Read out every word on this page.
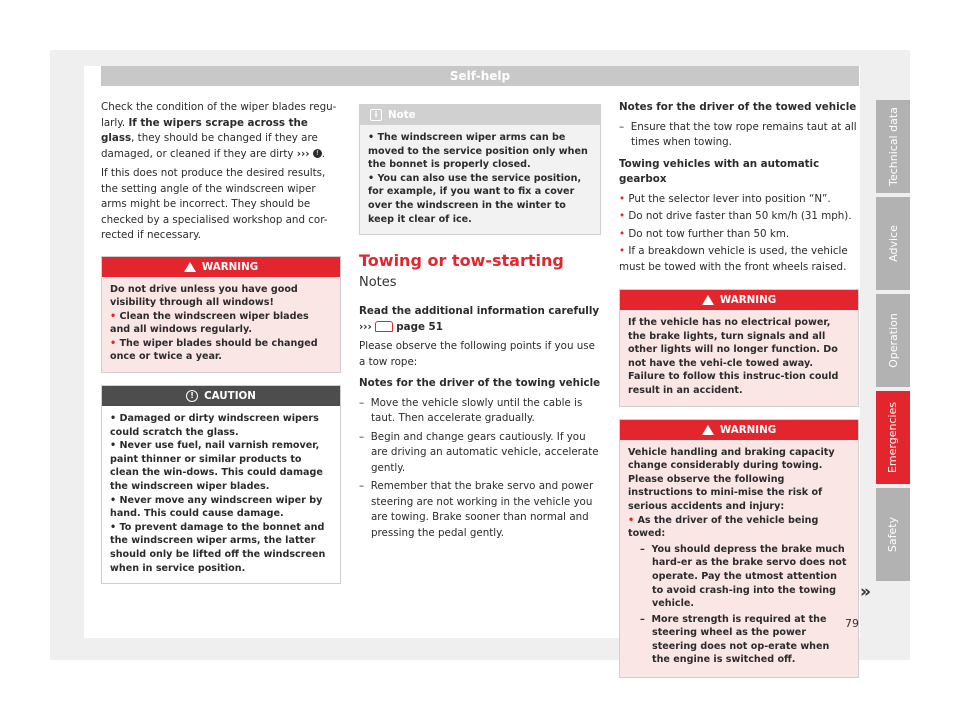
Self-help

Check the condition of the wiper blades regu-larly. If the wipers scrape across the glass, they should be changed if they are damaged, or cleaned if they are dirty ››› ! .

If this does not produce the desired results, the setting angle of the windscreen wiper arms might be incorrect. They should be checked by a specialised workshop and cor-rected if necessary.

WARNING

Do not drive unless you have good visibility through all windows!

• Clean the windscreen wiper blades and all windows regularly.

• The wiper blades should be changed once or twice a year.

! CAUTION

• Damaged or dirty windscreen wipers could scratch the glass.

• Never use fuel, nail varnish remover, paint thinner or similar products to clean the win-dows. This could damage the windscreen wiper blades.

• Never move any windscreen wiper by hand. This could cause damage.

• To prevent damage to the bonnet and the windscreen wiper arms, the latter should only be lifted off the windscreen when in service position.

i	Note

• The windscreen wiper arms can be moved to the service position only when the bonnet is properly closed.

• You can also use the service position, for example, if you want to fix a cover over the windscreen in the winter to keep it clear of ice.

Towing or tow-starting
Notes

Read the additional information carefully
››› page 51

Please observe the following points if you use a tow rope:

Notes for the driver of the towing vehicle

–  Move the vehicle slowly until the cable is taut. Then accelerate gradually.

–  Begin and change gears cautiously. If you are driving an automatic vehicle, accelerate gently.

–  Remember that the brake servo and power steering are not working in the vehicle you are towing. Brake sooner than normal and pressing the pedal gently.

Notes for the driver of the towed vehicle

–  Ensure that the tow rope remains taut at all times when towing.

Towing vehicles with an automatic gearbox

• Put the selector lever into position “N”.

• Do not drive faster than 50 km/h (31 mph).

• Do not tow further than 50 km.

• If a breakdown vehicle is used, the vehicle must be towed with the front wheels raised.

WARNING
If the vehicle has no electrical power, the brake lights, turn signals and all other lights will no longer function. Do not have the vehi-cle towed away. Failure to follow this instruc-tion could result in an accident.
WARNING

Vehicle handling and braking capacity change considerably during towing. Please observe the following instructions to mini-mise the risk of serious accidents and injury:

• As the driver of the vehicle being towed:

–  You should depress the brake much hard-er as the brake servo does not operate. Pay the utmost attention to avoid crash-ing into the towing vehicle.

–  More strength is required at the steering wheel as the power steering does not op-erate when the engine is switched off.

Technical data
Advice
Operation
Emergencies
Safety
»
79
